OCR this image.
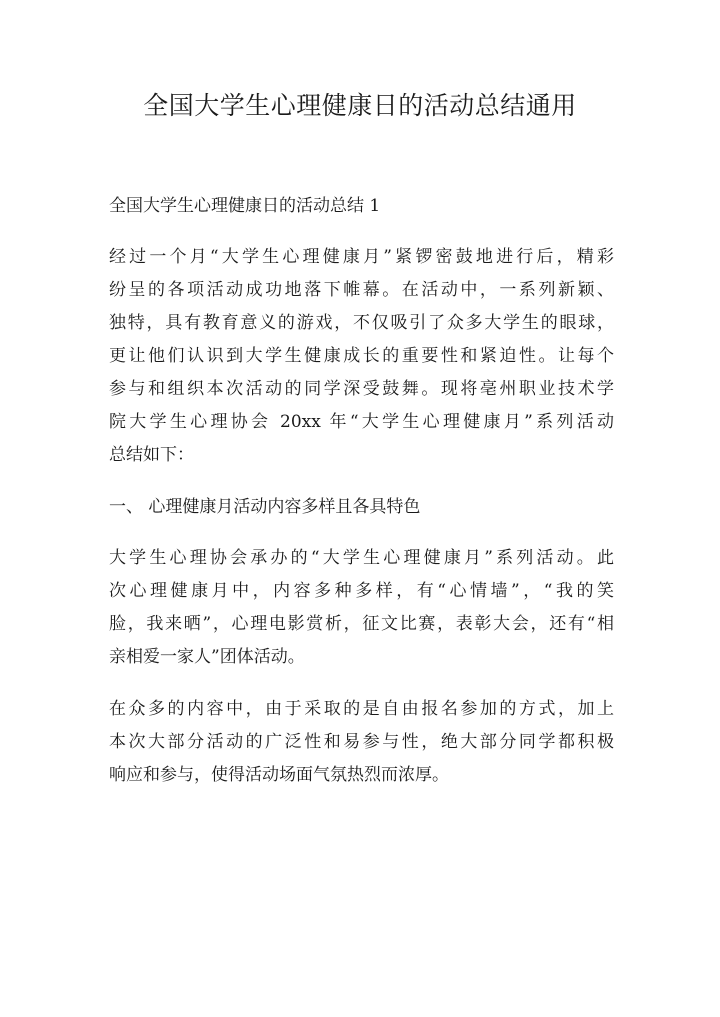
全国大学生心理健康日的活动总结通用

全国大学生心理健康日的活动总结 1

经过一个月“大学生心理健康月”紧锣密鼓地进行后，精彩

纷呈的各项活动成功地落下帷幕。在活动中，一系列新颖、

独特，具有教育意义的游戏，不仅吸引了众多大学生的眼球，

更让他们认识到大学生健康成长的重要性和紧迫性。让每个

参与和组织本次活动的同学深受鼓舞。现将亳州职业技术学

院大学生心理协会 20xx 年“大学生心理健康月”系列活动

总结如下：

一、 心理健康月活动内容多样且各具特色

大学生心理协会承办的“大学生心理健康月”系列活动。此

次心理健康月中，内容多种多样，有“心情墙”，“我的笑

脸，我来晒”，心理电影赏析，征文比赛，表彰大会，还有“相

亲相爱一家人”团体活动。

在众多的内容中，由于采取的是自由报名参加的方式，加上

本次大部分活动的广泛性和易参与性，绝大部分同学都积极

响应和参与，使得活动场面气氛热烈而浓厚。
